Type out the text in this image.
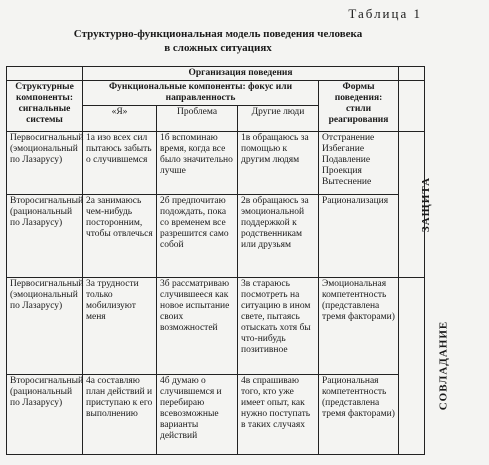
Таблица 1
Структурно-функциональная модель поведения человека
в сложных ситуациях
	Организация поведения				
Структурные компоненты: сигнальные системы	Функциональные компоненты: фокус или направленность			Формы поведения: стили реагирования	
	«Я»	Проблема	Другие люди		
Первосигнальный (эмоциональный по Лазарусу)	1а изо всех сил пытаюсь забыть о случившемся	1б вспоминаю время, когда все было значительно лучше	1в обращаюсь за помощью к другим людям	Отстранение Избегание Подавление Проекция Вытеснение	ЗАЩИТА
Второсигнальный (рациональный по Лазарусу)	2а занимаюсь чем-нибудь посторонним, чтобы отвлечься	2б предпочитаю подождать, пока со временем все разрешится само собой	2в обращаюсь за эмоциональной поддержкой к родственникам или друзьям	Рационализация	
Первосигнальный (эмоциональный по Лазарусу)	3а трудности только мобилизуют меня	3б рассматриваю случившееся как новое испытание своих возможностей	3в стараюсь посмотреть на ситуацию в ином свете, пытаясь отыскать хотя бы что-нибудь позитивное	Эмоциональная компетентность (представлена тремя факторами)	СОВЛАДАНИЕ
Второсигнальный (рациональный по Лазарусу)	4а составляю план действий и приступаю к его выполнению	4б думаю о случившемся и перебираю всевозможные варианты действий	4в спрашиваю того, кто уже имеет опыт, как нужно поступать в таких случаях	Рациональная компетентность (представлена тремя факторами)	
